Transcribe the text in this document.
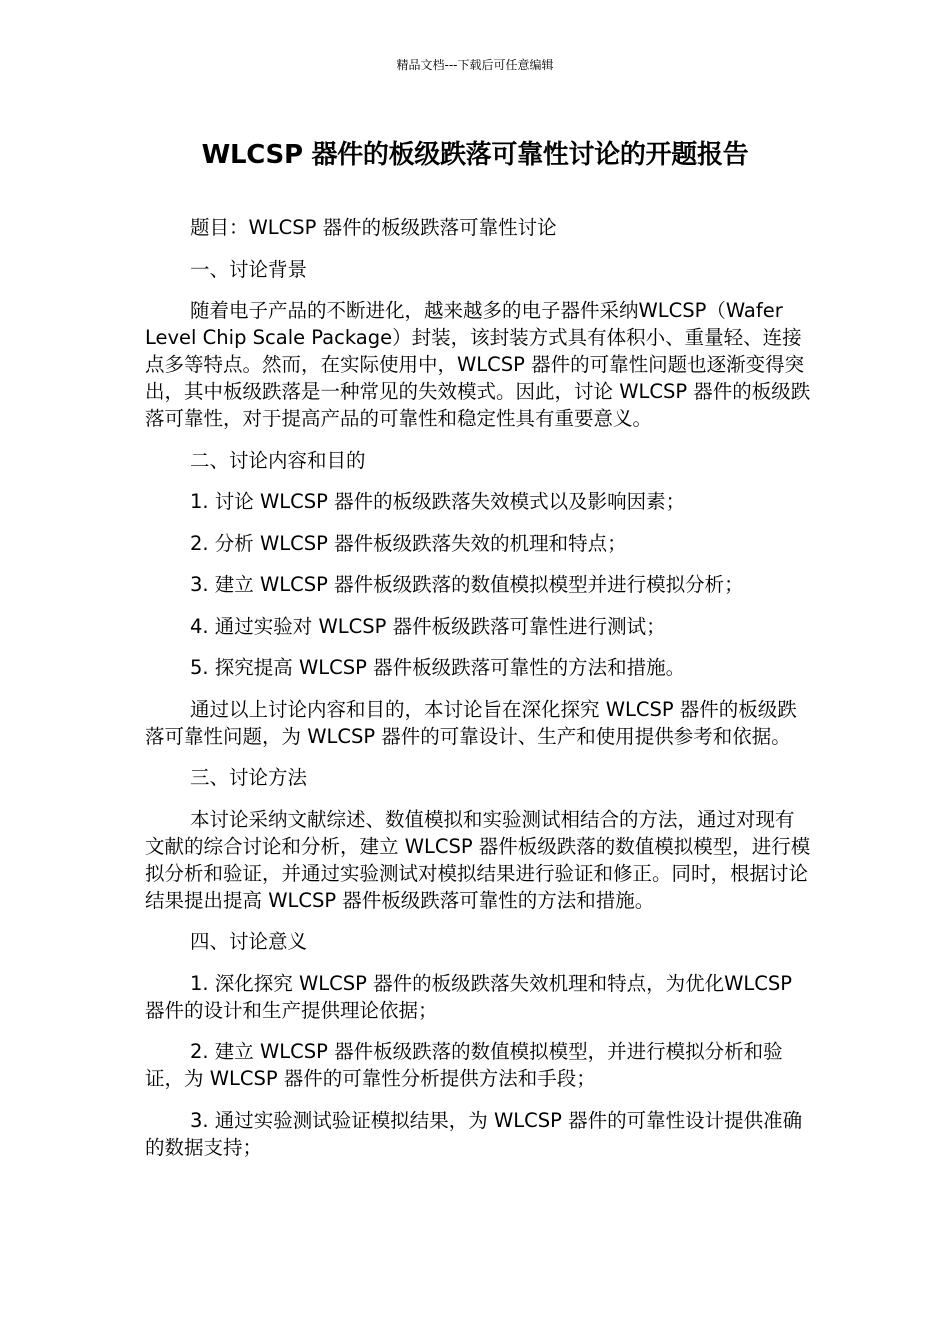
精品文档---下载后可任意编辑
WLCSP 器件的板级跌落可靠性讨论的开题报告

题目：WLCSP 器件的板级跌落可靠性讨论

一、讨论背景

随着电子产品的不断进化，越来越多的电子器件采纳WLCSP（Wafer Level Chip Scale Package）封装，该封装方式具有体积小、重量轻、连接点多等特点。然而，在实际使用中，WLCSP 器件的可靠性问题也逐渐变得突出，其中板级跌落是一种常见的失效模式。因此，讨论 WLCSP 器件的板级跌落可靠性，对于提高产品的可靠性和稳定性具有重要意义。

二、讨论内容和目的

1. 讨论 WLCSP 器件的板级跌落失效模式以及影响因素；

2. 分析 WLCSP 器件板级跌落失效的机理和特点；

3. 建立 WLCSP 器件板级跌落的数值模拟模型并进行模拟分析；

4. 通过实验对 WLCSP 器件板级跌落可靠性进行测试；

5. 探究提高 WLCSP 器件板级跌落可靠性的方法和措施。

通过以上讨论内容和目的，本讨论旨在深化探究 WLCSP 器件的板级跌落可靠性问题，为 WLCSP 器件的可靠设计、生产和使用提供参考和依据。

三、讨论方法

本讨论采纳文献综述、数值模拟和实验测试相结合的方法，通过对现有文献的综合讨论和分析，建立 WLCSP 器件板级跌落的数值模拟模型，进行模拟分析和验证，并通过实验测试对模拟结果进行验证和修正。同时，根据讨论结果提出提高 WLCSP 器件板级跌落可靠性的方法和措施。

四、讨论意义

1. 深化探究 WLCSP 器件的板级跌落失效机理和特点，为优化WLCSP 器件的设计和生产提供理论依据；

2. 建立 WLCSP 器件板级跌落的数值模拟模型，并进行模拟分析和验证，为 WLCSP 器件的可靠性分析提供方法和手段；

3. 通过实验测试验证模拟结果，为 WLCSP 器件的可靠性设计提供准确的数据支持；
